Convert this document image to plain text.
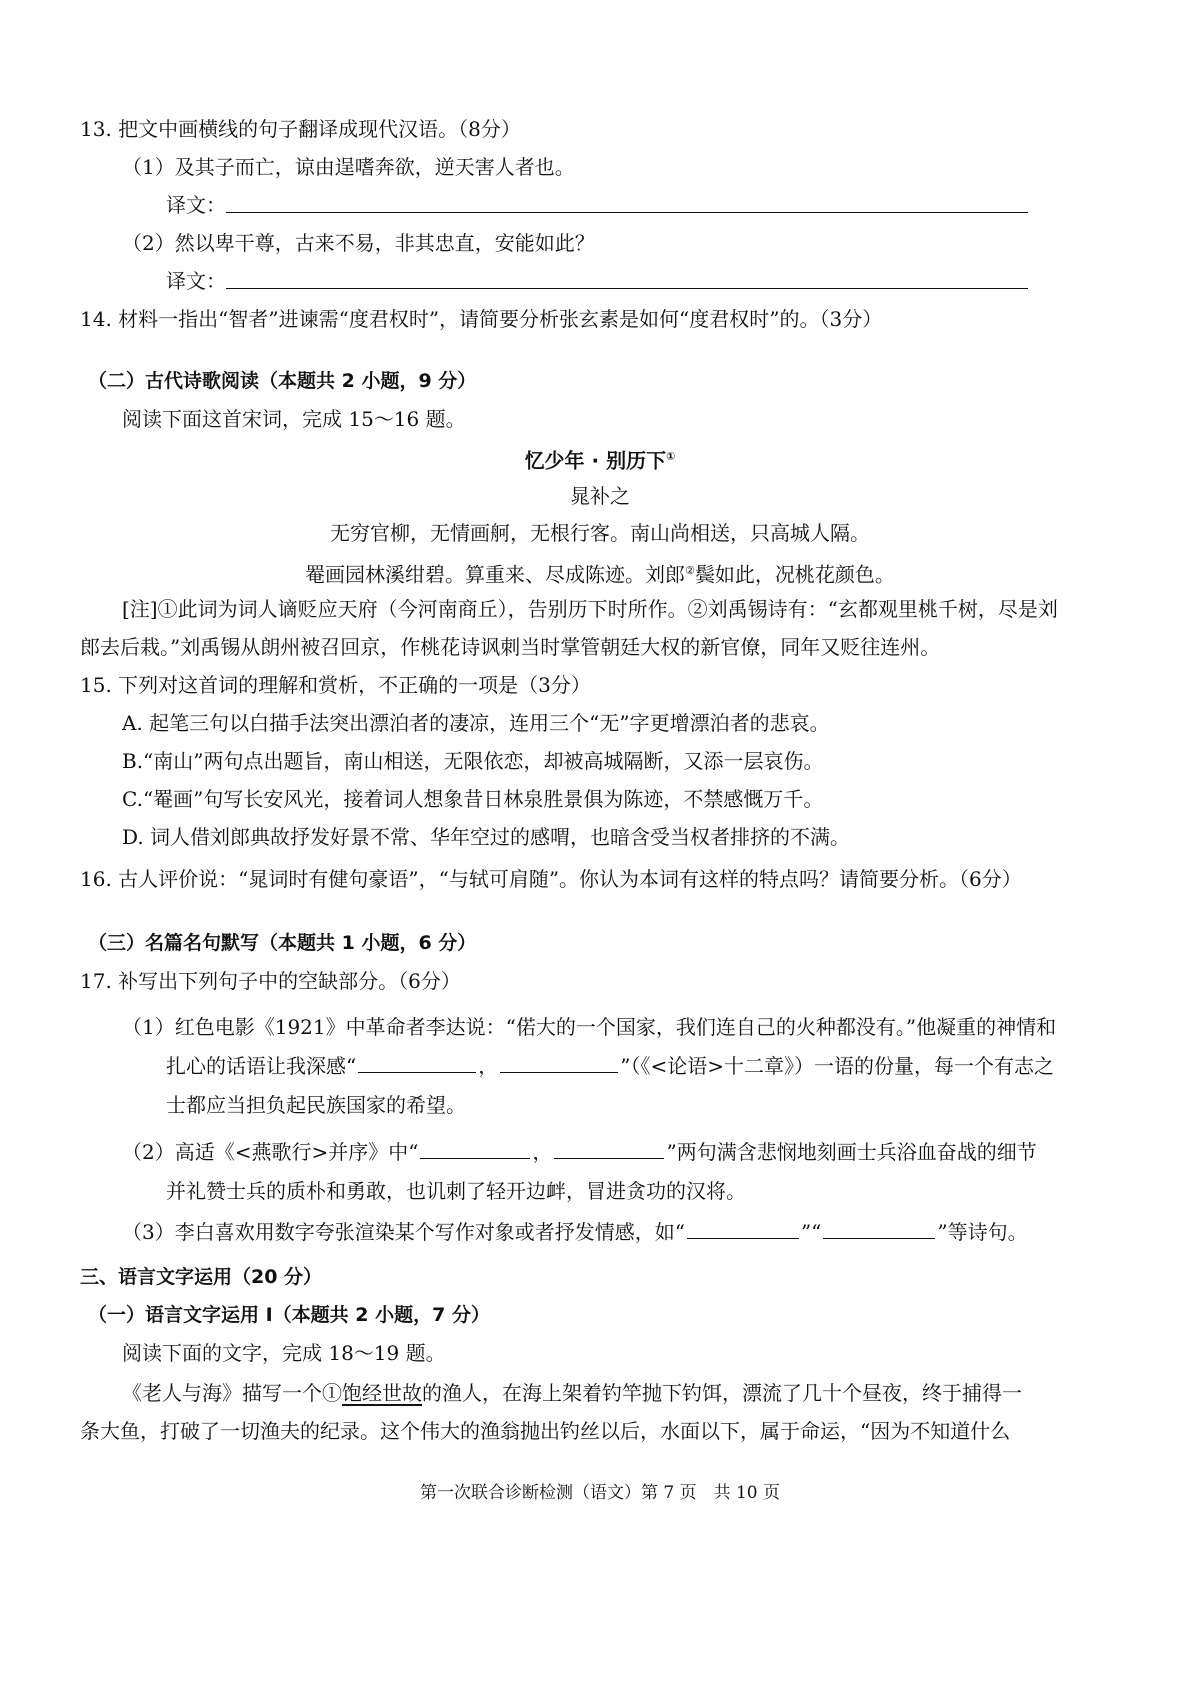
13. 把文中画横线的句子翻译成现代汉语。（8分）
（1）及其子而亡，谅由逞嗜奔欲，逆天害人者也。
译文：
（2）然以卑干尊，古来不易，非其忠直，安能如此？
译文：
14. 材料一指出“智者”进谏需“度君权时”，请简要分析张玄素是如何“度君权时”的。（3分）
（二）古代诗歌阅读（本题共 2 小题，9 分）
阅读下面这首宋词，完成 15～16 题。
忆少年 · 别历下①
晁补之
无穷官柳，无情画舸，无根行客。南山尚相送，只高城人隔。
罨画园林溪绀碧。算重来、尽成陈迹。刘郎②鬓如此，况桃花颜色。
[注]①此词为词人谪贬应天府（今河南商丘），告别历下时所作。②刘禹锡诗有：“玄都观里桃千树，尽是刘
郎去后栽。”刘禹锡从朗州被召回京，作桃花诗讽刺当时掌管朝廷大权的新官僚，同年又贬往连州。
15. 下列对这首词的理解和赏析，不正确的一项是（3分）
A. 起笔三句以白描手法突出漂泊者的凄凉，连用三个“无”字更增漂泊者的悲哀。
B.“南山”两句点出题旨，南山相送，无限依恋，却被高城隔断，又添一层哀伤。
C.“罨画”句写长安风光，接着词人想象昔日林泉胜景俱为陈迹，不禁感慨万千。
D. 词人借刘郎典故抒发好景不常、华年空过的感喟，也暗含受当权者排挤的不满。
16. 古人评价说：“晁词时有健句豪语”，“与轼可肩随”。你认为本词有这样的特点吗？请简要分析。（6分）
（三）名篇名句默写（本题共 1 小题，6 分）
17. 补写出下列句子中的空缺部分。（6分）
（1）红色电影《1921》中革命者李达说：“偌大的一个国家，我们连自己的火种都没有。”他凝重的神情和
扎心的话语让我深感“	，	”（《<论语>十二章》）一语的份量，每一个有志之
士都应当担负起民族国家的希望。
（2）高适《<燕歌行>并序》中“	，	”两句满含悲悯地刻画士兵浴血奋战的细节
并礼赞士兵的质朴和勇敢，也讥刺了轻开边衅，冒进贪功的汉将。
（3）李白喜欢用数字夸张渲染某个写作对象或者抒发情感，如“	”“	”等诗句。
三、语言文字运用（20 分）
（一）语言文字运用 Ⅰ（本题共 2 小题，7 分）
阅读下面的文字，完成 18～19 题。
《老人与海》描写一个①饱经世故的渔人，在海上架着钓竿抛下钓饵，漂流了几十个昼夜，终于捕得一
条大鱼，打破了一切渔夫的纪录。这个伟大的渔翁抛出钓丝以后，水面以下，属于命运，“因为不知道什么
第一次联合诊断检测（语文）第 7 页　共 10 页
